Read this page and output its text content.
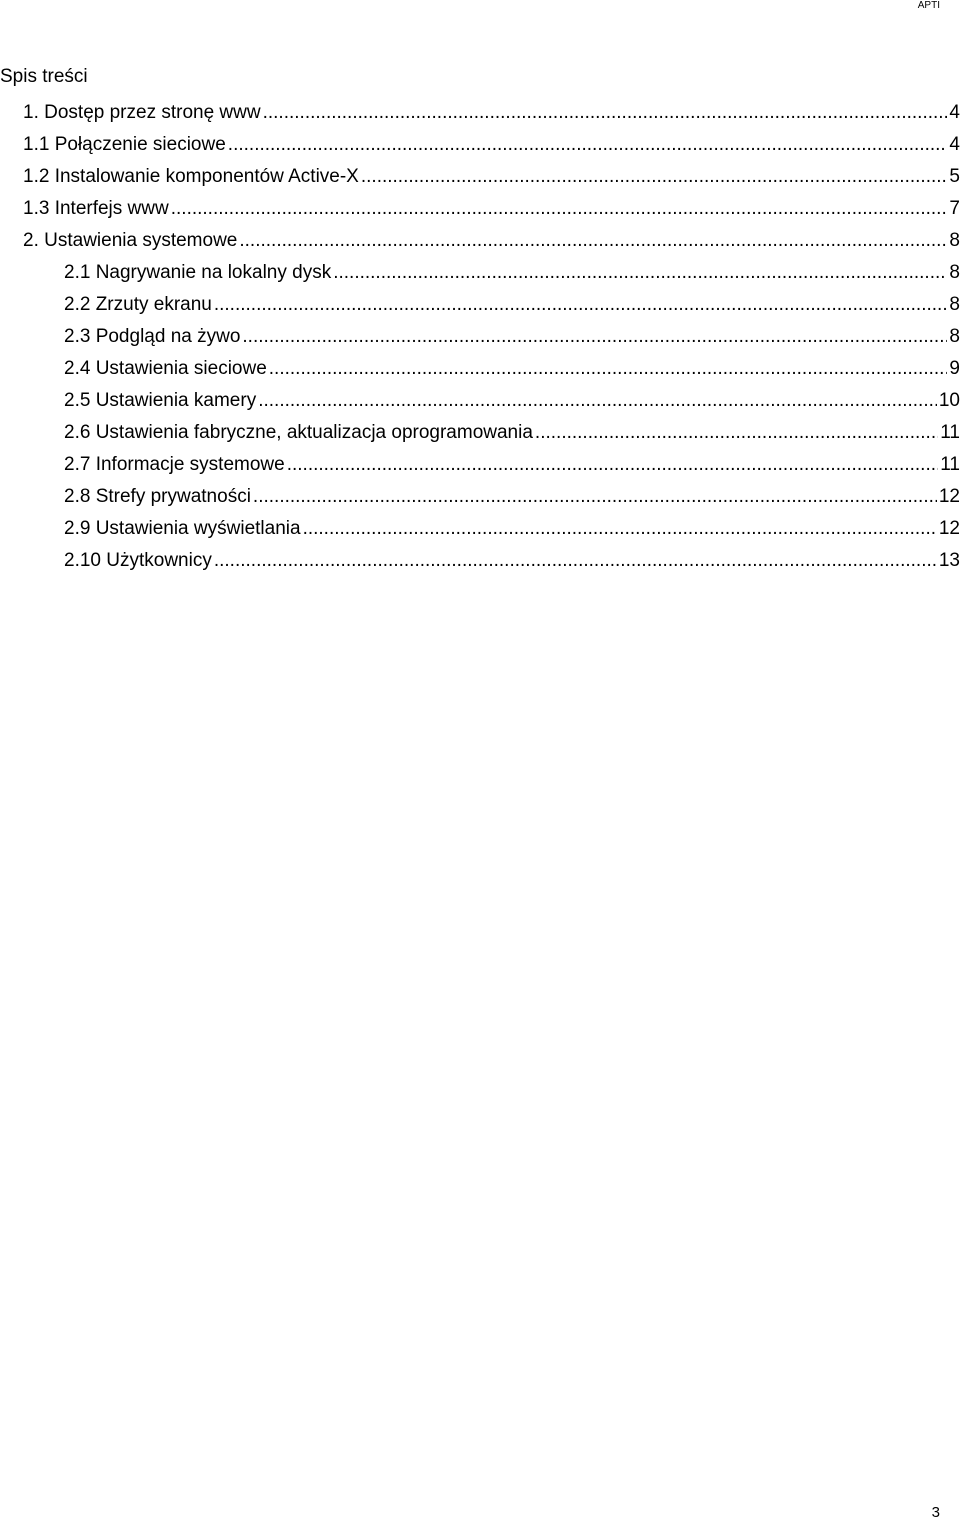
APTI
Spis treści
1. Dostęp przez stronę www .....	4
1.1 Połączenie sieciowe .....	4
1.2 Instalowanie komponentów Active-X .....	5
1.3 Interfejs www .....	7
2. Ustawienia systemowe .....	8
2.1 Nagrywanie na lokalny dysk .....	8
2.2 Zrzuty ekranu .....	8
2.3 Podgląd na żywo .....	8
2.4 Ustawienia sieciowe .....	9
2.5 Ustawienia kamery .....	10
2.6 Ustawienia fabryczne, aktualizacja oprogramowania .....	11
2.7 Informacje systemowe .....	11
2.8 Strefy prywatności .....	12
2.9 Ustawienia wyświetlania .....	12
2.10 Użytkownicy .....	13
3
